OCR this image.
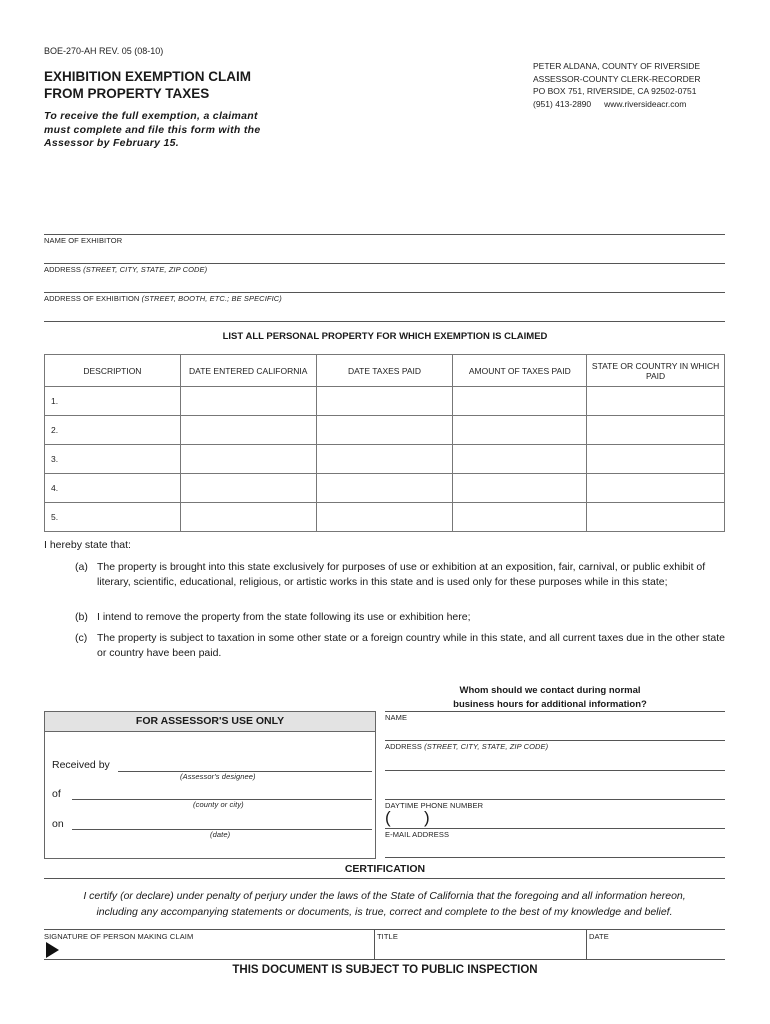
BOE-270-AH REV. 05 (08-10)
EXHIBITION EXEMPTION CLAIM
FROM PROPERTY TAXES
To receive the full exemption, a claimant must complete and file this form with the Assessor by February 15.
PETER ALDANA, COUNTY OF RIVERSIDE
ASSESSOR-COUNTY CLERK-RECORDER
PO BOX 751, RIVERSIDE, CA 92502-0751
(951) 413-2890 www.riversideacr.com
NAME OF EXHIBITOR
ADDRESS (STREET, CITY, STATE, ZIP CODE)
ADDRESS OF EXHIBITION (STREET, BOOTH, ETC.; BE SPECIFIC)
LIST ALL PERSONAL PROPERTY FOR WHICH EXEMPTION IS CLAIMED
DESCRIPTION	DATE ENTERED CALIFORNIA	DATE TAXES PAID	AMOUNT OF TAXES PAID	STATE OR COUNTRY IN WHICH PAID
1.				
2.				
3.				
4.				
5.				
I hereby state that:
(a) The property is brought into this state exclusively for purposes of use or exhibition at an exposition, fair, carnival, or public exhibit of literary, scientific, educational, religious, or artistic works in this state and is used only for these purposes while in this state;
(b) I intend to remove the property from the state following its use or exhibition here;
(c) The property is subject to taxation in some other state or a foreign country while in this state, and all current taxes due in the other state or country have been paid.
Whom should we contact during normal
business hours for additional information?
FOR ASSESSOR'S USE ONLY
Received by
(Assessor's designee)
of
(county or city)
on
(date)
NAME
ADDRESS (STREET, CITY, STATE, ZIP CODE)
DAYTIME PHONE NUMBER
( )
E-MAIL ADDRESS
CERTIFICATION
I certify (or declare) under penalty of perjury under the laws of the State of California that the foregoing and all information hereon,
including any accompanying statements or documents, is true, correct and complete to the best of my knowledge and belief.
SIGNATURE OF PERSON MAKING CLAIM	TITLE	DATE
THIS DOCUMENT IS SUBJECT TO PUBLIC INSPECTION
